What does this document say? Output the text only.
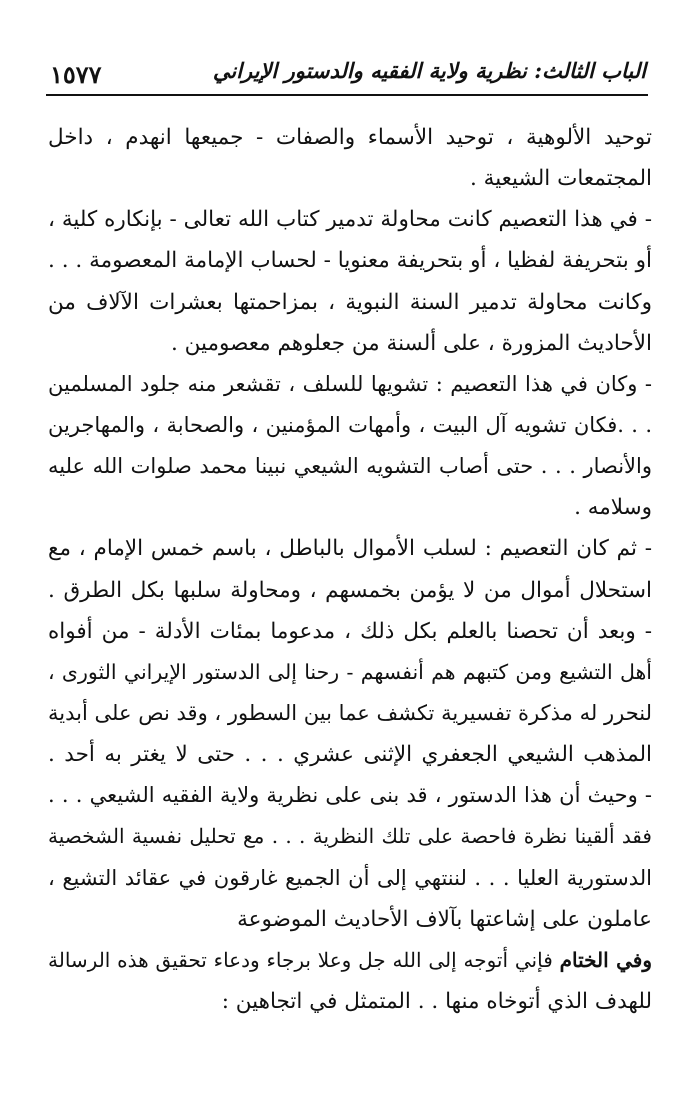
١٥٧٧	الباب الثالث: نظرية ولاية الفقيه والدستور الإيراني
توحيد الألوهية ، توحيد الأسماء والصفات - جميعها انهدم ، داخل
المجتمعات الشيعية .
- في هذا التعصيم كانت محاولة تدمير كتاب الله تعالى - بإنكاره كلية ،
أو بتحريفة لفظيا ، أو بتحريفة معنويا - لحساب الإمامة المعصومة . . .
وكانت محاولة تدمير السنة النبوية ، بمزاحمتها بعشرات الآلاف من
الأحاديث المزورة ، على ألسنة من جعلوهم معصومين .
- وكان في هذا التعصيم : تشويها للسلف ، تقشعر منه جلود المسلمين
. . .فكان تشويه آل البيت ، وأمهات المؤمنين ، والصحابة ، والمهاجرين
والأنصار . . . حتى أصاب التشويه الشيعي نبينا محمد صلوات الله عليه
وسلامه .
- ثم كان التعصيم : لسلب الأموال بالباطل ، باسم خمس الإمام ، مع
استحلال أموال من لا يؤمن بخمسهم ، ومحاولة سلبها بكل الطرق .
- وبعد أن تحصنا بالعلم بكل ذلك ، مدعوما بمئات الأدلة - من أفواه
أهل التشيع ومن كتبهم هم أنفسهم - رحنا إلى الدستور الإيراني الثورى ،
لنحرر له مذكرة تفسيرية تكشف عما بين السطور ، وقد نص على أبدية
المذهب الشيعي الجعفري الإثنى عشري . . . حتى لا يغتر به أحد .
- وحيث أن هذا الدستور ، قد بنى على نظرية ولاية الفقيه الشيعي . . .
فقد ألقينا نظرة فاحصة على تلك النظرية . . . مع تحليل نفسية الشخصية
الدستورية العليا . . . لننتهي إلى أن الجميع غارقون في عقائد التشيع ،
عاملون على إشاعتها بآلاف الأحاديث الموضوعة
وفي الختام فإني أتوجه إلى الله جل وعلا برجاء ودعاء تحقيق هذه الرسالة
للهدف الذي أتوخاه منها . . المتمثل في اتجاهين :
